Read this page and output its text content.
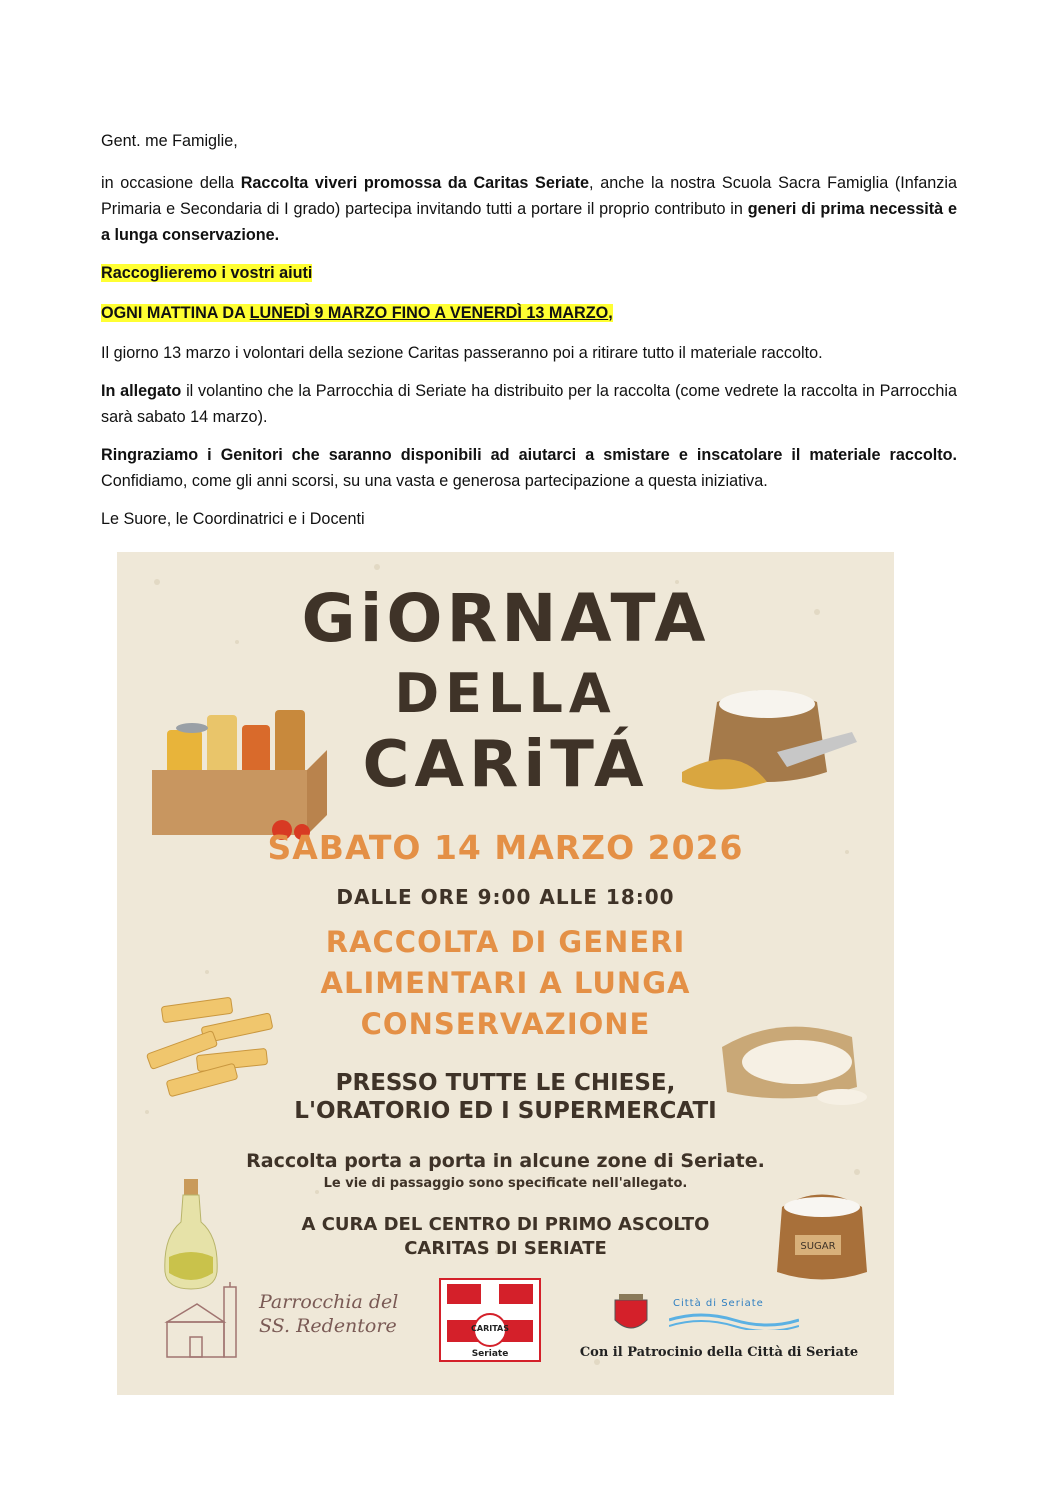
Gent. me Famiglie,

in occasione della Raccolta viveri promossa da Caritas Seriate, anche la nostra Scuola Sacra Famiglia (Infanzia Primaria e Secondaria di I grado) partecipa invitando tutti a portare il proprio contributo in generi di prima necessità e a lunga conservazione.

Raccoglieremo i vostri aiuti

OGNI MATTINA DA LUNEDÌ 9 MARZO FINO A VENERDÌ 13 MARZO,

Il giorno 13 marzo i volontari della sezione Caritas passeranno poi a ritirare tutto il materiale raccolto.

In allegato il volantino che la Parrocchia di Seriate ha distribuito per la raccolta (come vedrete la raccolta in Parrocchia sarà sabato 14 marzo).

Ringraziamo i Genitori che saranno disponibili ad aiutarci a smistare e inscatolare il materiale raccolto. Confidiamo, come gli anni scorsi, su una vasta e generosa partecipazione a questa iniziativa.

Le Suore, le Coordinatrici e i Docenti

GiORNATA
DELLA
CARiTÁ
SABATO 14 MARZO 2026
DALLE ORE 9:00 ALLE 18:00
RACCOLTA DI GENERI
ALIMENTARI A LUNGA
CONSERVAZIONE
PRESSO TUTTE LE CHIESE,
L'ORATORIO ED I SUPERMERCATI
Raccolta porta a porta in alcune zone di Seriate.
Le vie di passaggio sono specificate nell'allegato.
A CURA DEL CENTRO DI PRIMO ASCOLTO
CARITAS DI SERIATE	SUGAR
Parrocchia del
SS. Redentore	CARITAS
Seriate
Città di Seriate
Con il Patrocinio della Città di Seriate
